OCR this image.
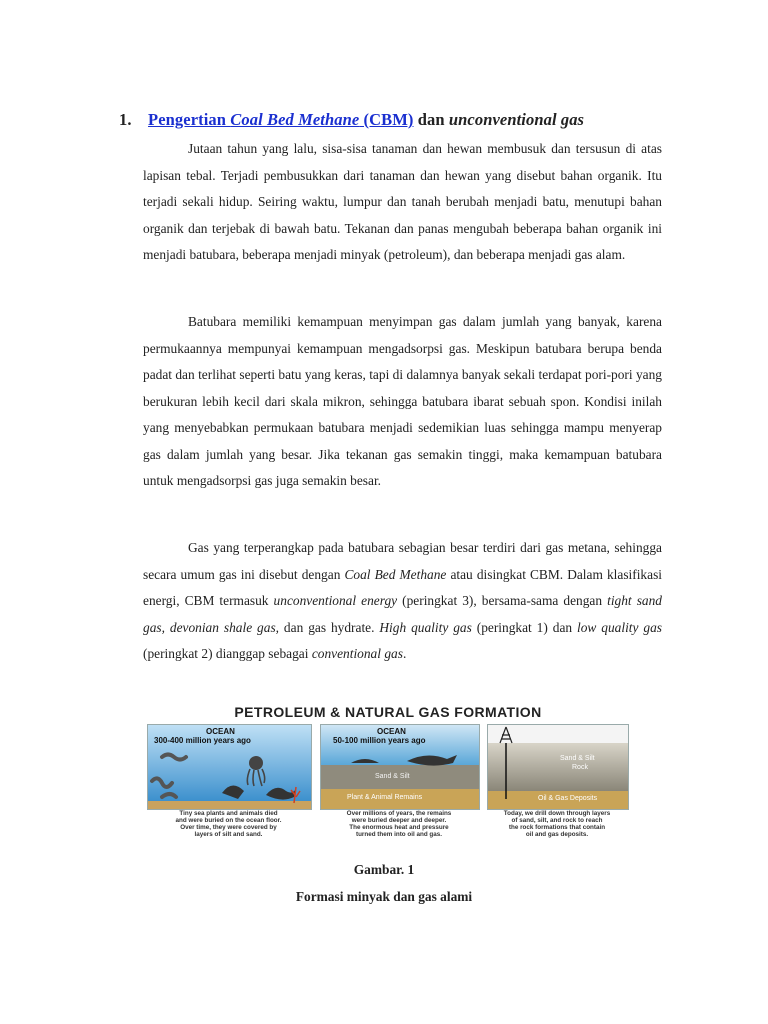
1. Pengertian Coal Bed Methane (CBM) dan unconventional gas
Jutaan tahun yang lalu, sisa-sisa tanaman dan hewan membusuk dan tersusun di atas lapisan tebal. Terjadi pembusukkan dari tanaman dan hewan yang disebut bahan organik. Itu terjadi sekali hidup. Seiring waktu, lumpur dan tanah berubah menjadi batu, menutupi bahan organik dan terjebak di bawah batu. Tekanan dan panas mengubah beberapa bahan organik ini menjadi batubara, beberapa menjadi minyak (petroleum), dan beberapa menjadi gas alam.
Batubara memiliki kemampuan menyimpan gas dalam jumlah yang banyak, karena permukaannya mempunyai kemampuan mengadsorpsi gas. Meskipun batubara berupa benda padat dan terlihat seperti batu yang keras, tapi di dalamnya banyak sekali terdapat pori-pori yang berukuran lebih kecil dari skala mikron, sehingga batubara ibarat sebuah spon. Kondisi inilah yang menyebabkan permukaan batubara menjadi sedemikian luas sehingga mampu menyerap gas dalam jumlah yang besar. Jika tekanan gas semakin tinggi, maka kemampuan batubara untuk mengadsorpsi gas juga semakin besar.
Gas yang terperangkap pada batubara sebagian besar terdiri dari gas metana, sehingga secara umum gas ini disebut dengan Coal Bed Methane atau disingkat CBM. Dalam klasifikasi energi, CBM termasuk unconventional energy (peringkat 3), bersama-sama dengan tight sand gas, devonian shale gas, dan gas hydrate. High quality gas (peringkat 1) dan low quality gas (peringkat 2) dianggap sebagai conventional gas.
PETROLEUM & NATURAL GAS FORMATION
OCEAN
300-400 million years ago
OCEAN
50-100 million years ago
Sand & Silt
Plant & Animal Remains
Sand & Silt
Rock
Oil & Gas Deposits
Tiny sea plants and animals died
and were buried on the ocean floor.
Over time, they were covered by
layers of silt and sand.
Over millions of years, the remains
were buried deeper and deeper.
The enormous heat and pressure
turned them into oil and gas.
Today, we drill down through layers
of sand, silt, and rock to reach
the rock formations that contain
oil and gas deposits.
Gambar. 1
Formasi minyak dan gas alami
